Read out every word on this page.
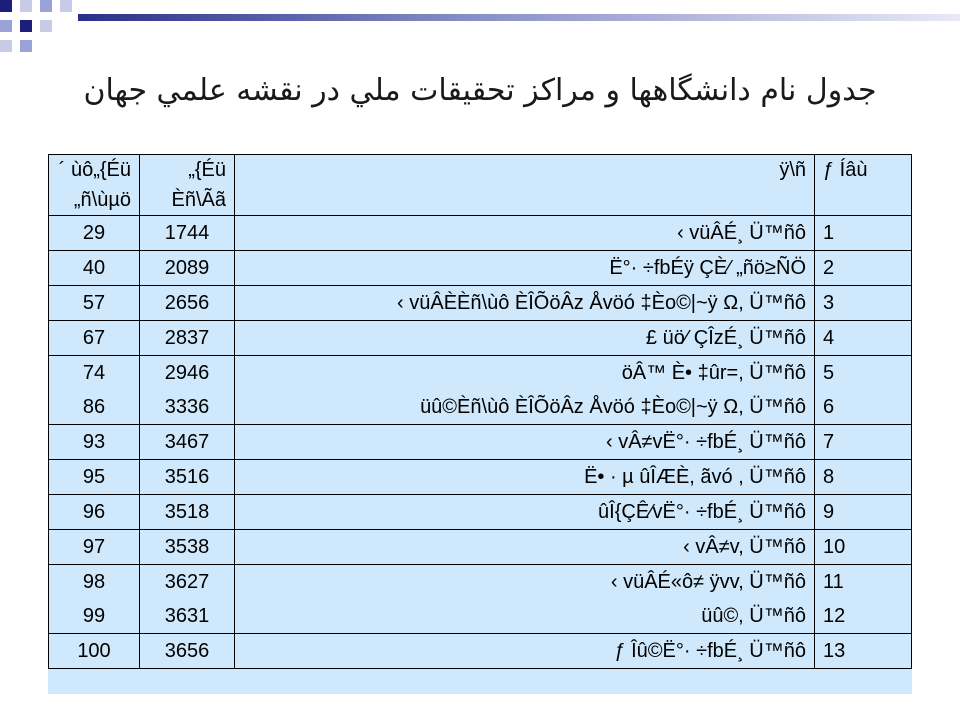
جدول نام دانشگاهها و مراكز تحقيقات ملي در نقشه علمي جهان
´ ùô„{Éü	„{Éü	ÿ\ñ	ƒ Íâù
„ñ\ùµö	Èñ\Ãã		
29	1744	‹ vüÂÉ¸ Ü™ñô	1
40	2089	Ë°· ÷fbÉÿ ÇÈ⁄ „ñö≥ÑÖ	2
57	2656	‹ vüÂÈÈñ\ùô ÈÎÕöÂz Åvöó ‡Èo©|~ÿ Ω, Ü™ñô	3
67	2837	£ üö⁄ ÇÎzÉ¸ Ü™ñô	4
74	2946	öÂ™ È• ‡ûr=, Ü™ñô	5
86	3336	üû©Èñ\ùô ÈÎÕöÂz Åvöó ‡Èo©|~ÿ Ω, Ü™ñô	6
93	3467	‹ vÂ≠vË°· ÷fbÉ¸ Ü™ñô	7
95	3516	Ë• · µ ûÎÆÈ, ãvó , Ü™ñô	8
96	3518	ûÎ{ÇÊ⁄vË°· ÷fbÉ¸ Ü™ñô	9
97	3538	‹ vÂ≠v, Ü™ñô	10
98	3627	‹ vüÂÉ«ô≠ ÿvv, Ü™ñô	11
99	3631	üû©, Ü™ñô	12
100	3656	ƒ Îû©Ë°· ÷fbÉ¸ Ü™ñô	13
